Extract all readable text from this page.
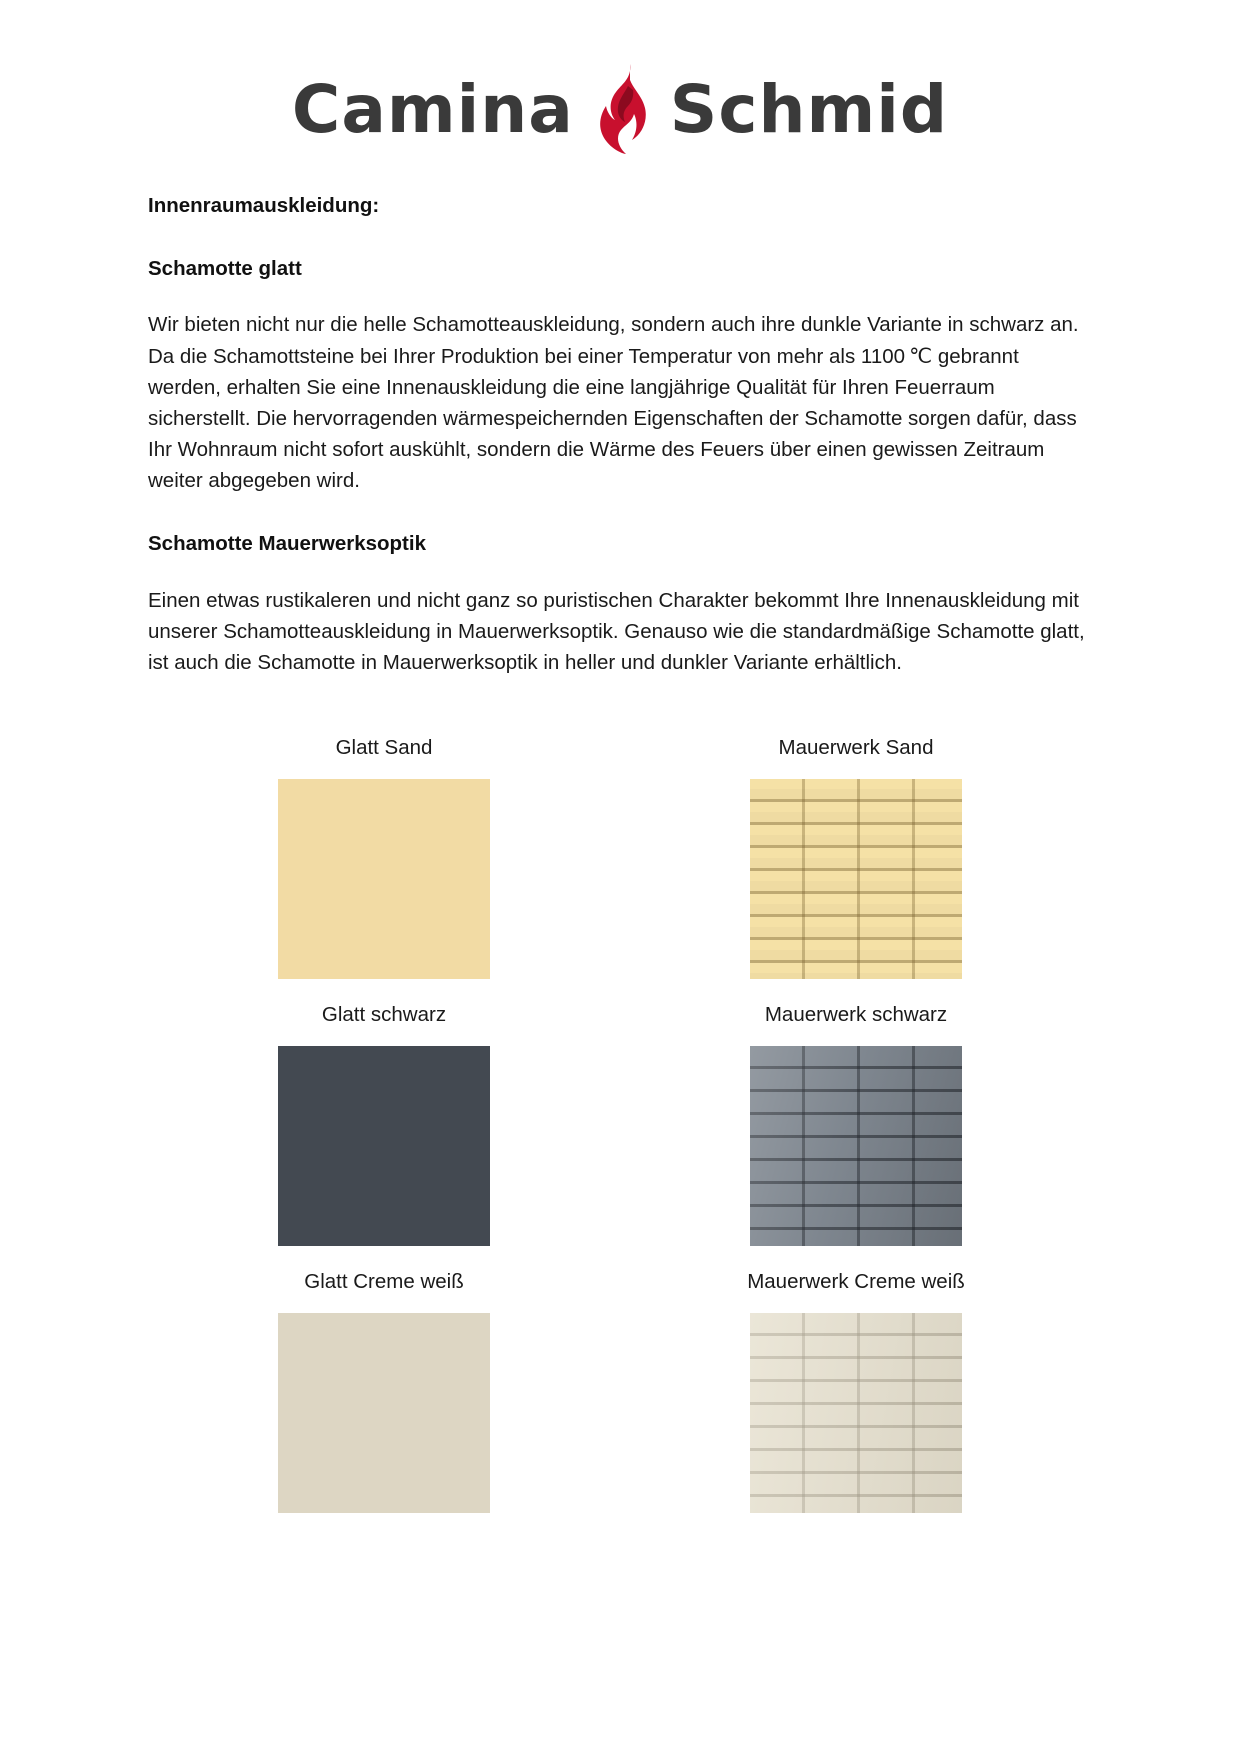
Camina Schmid
Innenraumauskleidung:
Schamotte glatt

Wir bieten nicht nur die helle Schamotteauskleidung, sondern auch ihre dunkle Variante in schwarz an. Da die Schamottsteine bei Ihrer Produktion bei einer Temperatur von mehr als 1100 ℃ gebrannt werden, erhalten Sie eine Innenauskleidung die eine langjährige Qualität für Ihren Feuerraum sicherstellt. Die hervorragenden wärmespeichernden Eigenschaften der Schamotte sorgen dafür, dass Ihr Wohnraum nicht sofort auskühlt, sondern die Wärme des Feuers über einen gewissen Zeitraum weiter abgegeben wird.

Schamotte Mauerwerksoptik

Einen etwas rustikaleren und nicht ganz so puristischen Charakter bekommt Ihre Innenauskleidung mit unserer Schamotteauskleidung in Mauerwerksoptik. Genauso wie die standardmäßige Schamotte glatt, ist auch die Schamotte in Mauerwerksoptik in heller und dunkler Variante erhältlich.

Glatt Sand	Mauerwerk Sand
Glatt schwarz	Mauerwerk schwarz
Glatt Creme weiß	Mauerwerk Creme weiß
